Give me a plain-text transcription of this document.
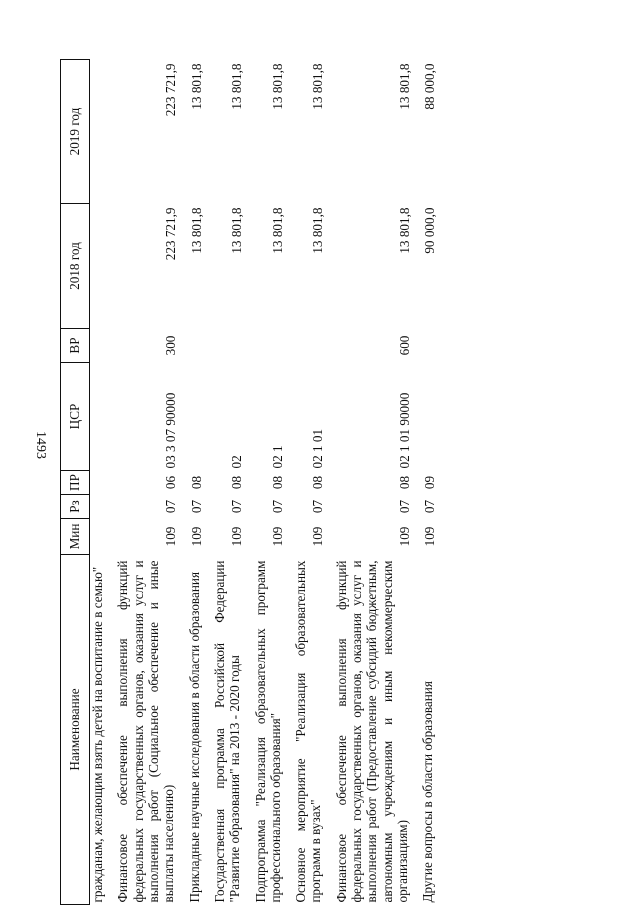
1493
Наименование	Мин	Рз	ПР	ЦСР	ВР	2018 год	2019 год
гражданам, желающим взять детей на воспитание в семью"							
Финансовое обеспечение выполнения функций федеральных государственных органов, оказания услуг и выполнения работ (Социальное обеспечение и иные выплаты населению)	109	07	06	03 3 07 90000	300	223 721,9	223 721,9
Прикладные научные исследования в области образования	109	07	08			13 801,8	13 801,8
Государственная программа Российской Федерации "Развитие образования" на 2013 - 2020 годы	109	07	08	02		13 801,8	13 801,8
Подпрограмма "Реализация образовательных программ профессионального образования"	109	07	08	02 1		13 801,8	13 801,8
Основное мероприятие "Реализация образовательных программ в вузах"	109	07	08	02 1 01		13 801,8	13 801,8
Финансовое обеспечение выполнения функций федеральных государственных органов, оказания услуг и выполнения работ (Предоставление субсидий бюджетным, автономным учреждениям и иным некоммерческим организациям)	109	07	08	02 1 01 90000	600	13 801,8	13 801,8
Другие вопросы в области образования	109	07	09			90 000,0	88 000,0
